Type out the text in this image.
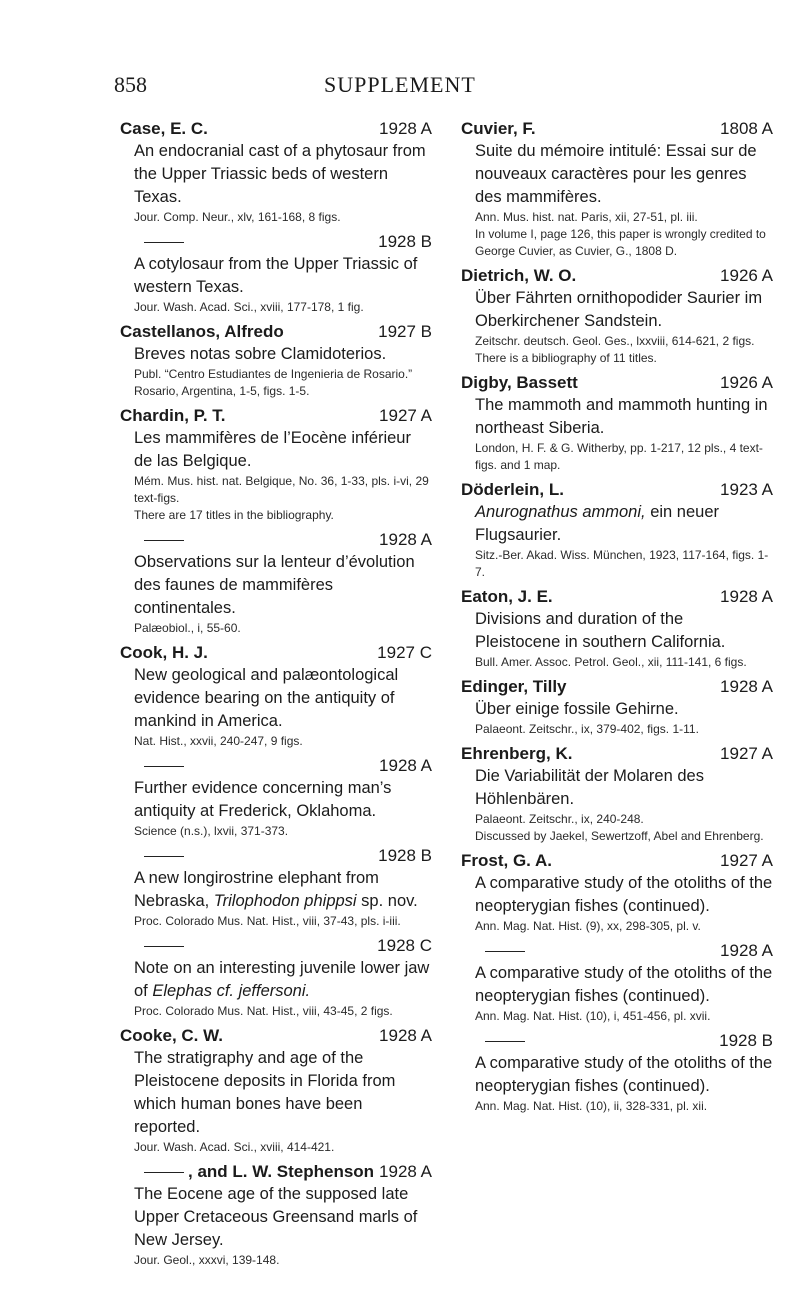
858	SUPPLEMENT
Case, E. C.	1928 A

An endocranial cast of a phytosaur from the Upper Triassic beds of western Texas.

Jour. Comp. Neur., xlv, 161-168, 8 figs.

1928 B

A cotylosaur from the Upper Triassic of western Texas.

Jour. Wash. Acad. Sci., xviii, 177-178, 1 fig.

Castellanos, Alfredo	1927 B

Breves notas sobre Clamidoterios.

Publ. “Centro Estudiantes de Ingenieria de Rosario.” Rosario, Argentina, 1-5, figs. 1-5.

Chardin, P. T.	1927 A

Les mammifères de l’Eocène inférieur de las Belgique.

Mém. Mus. hist. nat. Belgique, No. 36, 1-33, pls. i-vi, 29 text-figs.

There are 17 titles in the bibliography.

1928 A

Observations sur la lenteur d’évolution des faunes de mammifères continentales.

Palæobiol., i, 55-60.

Cook, H. J.	1927 C

New geological and palæontological evidence bearing on the antiquity of mankind in America.

Nat. Hist., xxvii, 240-247, 9 figs.

1928 A

Further evidence concerning man’s antiquity at Frederick, Oklahoma.

Science (n.s.), lxvii, 371-373.

1928 B

A new longirostrine elephant from Nebraska, Trilophodon phippsi sp. nov.

Proc. Colorado Mus. Nat. Hist., viii, 37-43, pls. i-iii.

1928 C

Note on an interesting juvenile lower jaw of Elephas cf. jeffersoni.

Proc. Colorado Mus. Nat. Hist., viii, 43-45, 2 figs.

Cooke, C. W.	1928 A

The stratigraphy and age of the Pleistocene deposits in Florida from which human bones have been reported.

Jour. Wash. Acad. Sci., xviii, 414-421.

, and L. W. Stephenson 1928 A

The Eocene age of the supposed late Upper Cretaceous Greensand marls of New Jersey.

Jour. Geol., xxxvi, 139-148.

Cuvier, F.	1808 A

Suite du mémoire intitulé: Essai sur de nouveaux caractères pour les genres des mammifères.

Ann. Mus. hist. nat. Paris, xii, 27-51, pl. iii.

In volume I, page 126, this paper is wrongly credited to George Cuvier, as Cuvier, G., 1808 D.

Dietrich, W. O.	1926 A

Über Fährten ornithopodider Saurier im Oberkirchener Sandstein.

Zeitschr. deutsch. Geol. Ges., lxxviii, 614-621, 2 figs.

There is a bibliography of 11 titles.

Digby, Bassett	1926 A

The mammoth and mammoth hunting in northeast Siberia.

London, H. F. & G. Witherby, pp. 1-217, 12 pls., 4 text-figs. and 1 map.

Döderlein, L.	1923 A

Anurognathus ammoni, ein neuer Flugsaurier.

Sitz.-Ber. Akad. Wiss. München, 1923, 117-164, figs. 1-7.

Eaton, J. E.	1928 A

Divisions and duration of the Pleistocene in southern California.

Bull. Amer. Assoc. Petrol. Geol., xii, 111-141, 6 figs.

Edinger, Tilly	1928 A

Über einige fossile Gehirne.

Palaeont. Zeitschr., ix, 379-402, figs. 1-11.

Ehrenberg, K.	1927 A

Die Variabilität der Molaren des Höhlenbären.

Palaeont. Zeitschr., ix, 240-248.

Discussed by Jaekel, Sewertzoff, Abel and Ehrenberg.

Frost, G. A.	1927 A

A comparative study of the otoliths of the neopterygian fishes (continued).

Ann. Mag. Nat. Hist. (9), xx, 298-305, pl. v.

1928 A

A comparative study of the otoliths of the neopterygian fishes (continued).

Ann. Mag. Nat. Hist. (10), i, 451-456, pl. xvii.

1928 B

A comparative study of the otoliths of the neopterygian fishes (continued).

Ann. Mag. Nat. Hist. (10), ii, 328-331, pl. xii.
